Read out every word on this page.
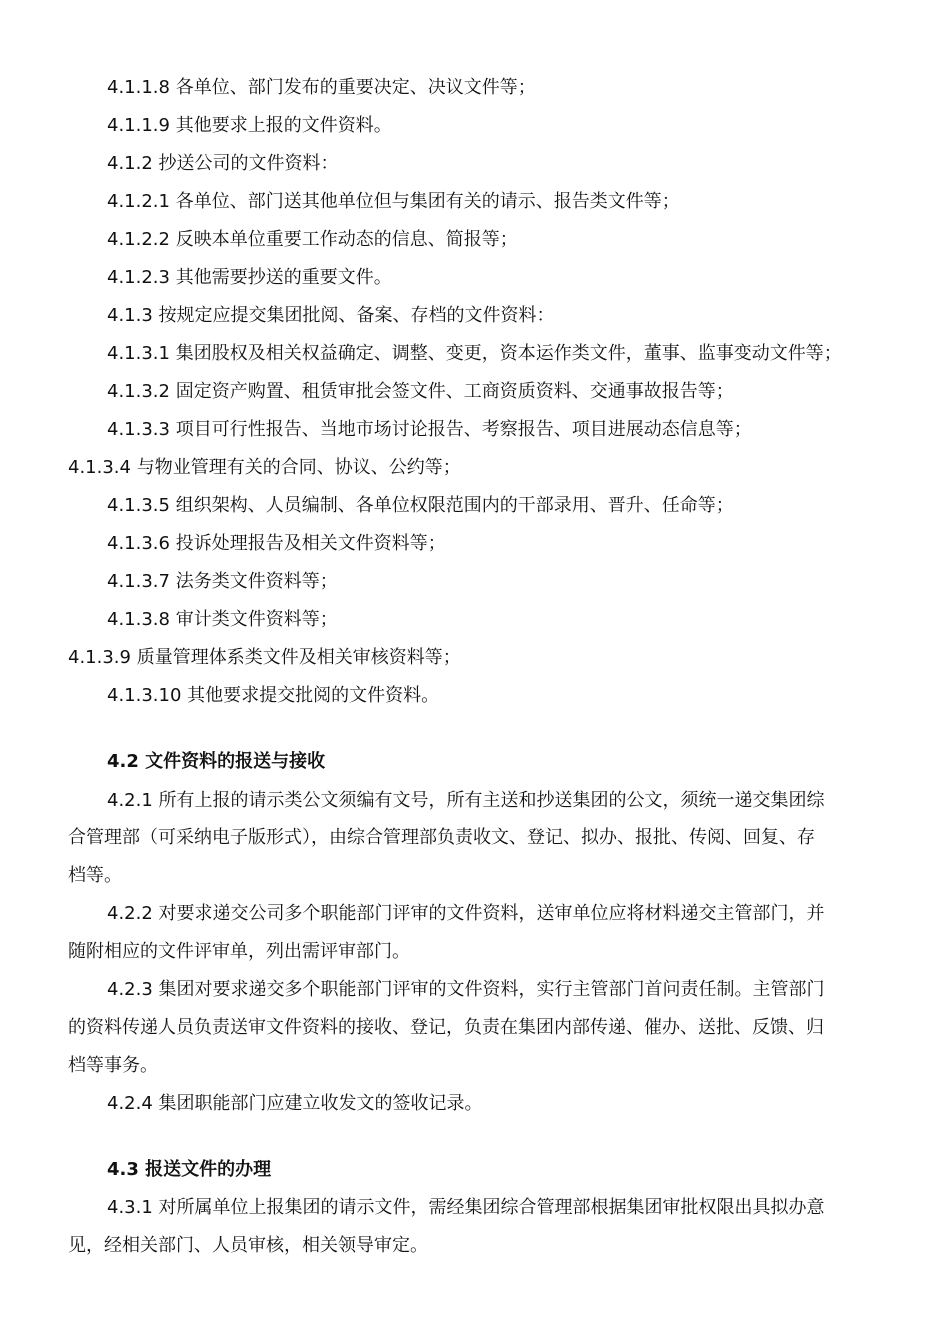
4.1.1.8 各单位、部门发布的重要决定、决议文件等；
4.1.1.9 其他要求上报的文件资料。
4.1.2 抄送公司的文件资料：
4.1.2.1 各单位、部门送其他单位但与集团有关的请示、报告类文件等；
4.1.2.2 反映本单位重要工作动态的信息、简报等；
4.1.2.3 其他需要抄送的重要文件。
4.1.3 按规定应提交集团批阅、备案、存档的文件资料：
4.1.3.1 集团股权及相关权益确定、调整、变更，资本运作类文件，董事、监事变动文件等；
4.1.3.2 固定资产购置、租赁审批会签文件、工商资质资料、交通事故报告等；
4.1.3.3 项目可行性报告、当地市场讨论报告、考察报告、项目进展动态信息等；
4.1.3.4 与物业管理有关的合同、协议、公约等；
4.1.3.5 组织架构、人员编制、各单位权限范围内的干部录用、晋升、任命等；
4.1.3.6 投诉处理报告及相关文件资料等；
4.1.3.7 法务类文件资料等；
4.1.3.8 审计类文件资料等；
4.1.3.9 质量管理体系类文件及相关审核资料等；
4.1.3.10 其他要求提交批阅的文件资料。
4.2 文件资料的报送与接收
4.2.1 所有上报的请示类公文须编有文号，所有主送和抄送集团的公文，须统一递交集团综
合管理部（可采纳电子版形式），由综合管理部负责收文、登记、拟办、报批、传阅、回复、存
档等。
4.2.2 对要求递交公司多个职能部门评审的文件资料，送审单位应将材料递交主管部门，并
随附相应的文件评审单，列出需评审部门。
4.2.3 集团对要求递交多个职能部门评审的文件资料，实行主管部门首问责任制。主管部门
的资料传递人员负责送审文件资料的接收、登记，负责在集团内部传递、催办、送批、反馈、归
档等事务。
4.2.4 集团职能部门应建立收发文的签收记录。
4.3 报送文件的办理
4.3.1 对所属单位上报集团的请示文件，需经集团综合管理部根据集团审批权限出具拟办意
见，经相关部门、人员审核，相关领导审定。
